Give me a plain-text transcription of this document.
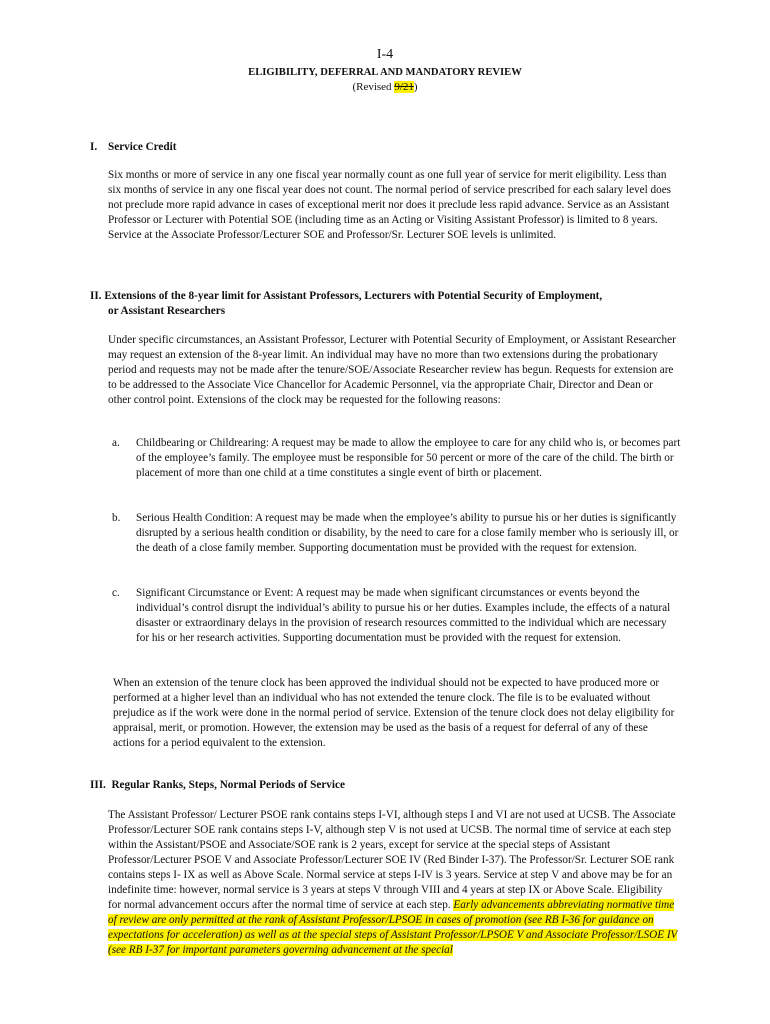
I-4

ELIGIBILITY, DEFERRAL AND MANDATORY REVIEW

(Revised 9/21)

I. Service Credit

Six months or more of service in any one fiscal year normally count as one full year of service for merit eligibility. Less than six months of service in any one fiscal year does not count. The normal period of service prescribed for each salary level does not preclude more rapid advance in cases of exceptional merit nor does it preclude less rapid advance. Service as an Assistant Professor or Lecturer with Potential SOE (including time as an Acting or Visiting Assistant Professor) is limited to 8 years. Service at the Associate Professor/Lecturer SOE and Professor/Sr. Lecturer SOE levels is unlimited.

II. Extensions of the 8-year limit for Assistant Professors, Lecturers with Potential Security of Employment,
or Assistant Researchers

Under specific circumstances, an Assistant Professor, Lecturer with Potential Security of Employment, or Assistant Researcher may request an extension of the 8-year limit. An individual may have no more than two extensions during the probationary period and requests may not be made after the tenure/SOE/Associate Researcher review has begun. Requests for extension are to be addressed to the Associate Vice Chancellor for Academic Personnel, via the appropriate Chair, Director and Dean or other control point. Extensions of the clock may be requested for the following reasons:

a.	Childbearing or Childrearing: A request may be made to allow the employee to care for any child who is, or becomes part of the employee’s family. The employee must be responsible for 50 percent or more of the care of the child. The birth or placement of more than one child at a time constitutes a single event of birth or placement.
b.	Serious Health Condition: A request may be made when the employee’s ability to pursue his or her duties is significantly disrupted by a serious health condition or disability, by the need to care for a close family member who is seriously ill, or the death of a close family member. Supporting documentation must be provided with the request for extension.
c.	Significant Circumstance or Event: A request may be made when significant circumstances or events beyond the individual’s control disrupt the individual’s ability to pursue his or her duties. Examples include, the effects of a natural disaster or extraordinary delays in the provision of research resources committed to the individual which are necessary for his or her research activities. Supporting documentation must be provided with the request for extension.

When an extension of the tenure clock has been approved the individual should not be expected to have produced more or performed at a higher level than an individual who has not extended the tenure clock. The file is to be evaluated without prejudice as if the work were done in the normal period of service. Extension of the tenure clock does not delay eligibility for appraisal, merit, or promotion. However, the extension may be used as the basis of a request for deferral of any of these actions for a period equivalent to the extension.

III. Regular Ranks, Steps, Normal Periods of Service

The Assistant Professor/ Lecturer PSOE rank contains steps I-VI, although steps I and VI are not used at UCSB. The Associate Professor/Lecturer SOE rank contains steps I-V, although step V is not used at UCSB. The normal time of service at each step within the Assistant/PSOE and Associate/SOE rank is 2 years, except for service at the special steps of Assistant Professor/Lecturer PSOE V and Associate Professor/Lecturer SOE IV (Red Binder I-37). The Professor/Sr. Lecturer SOE rank contains steps I- IX as well as Above Scale. Normal service at steps I-IV is 3 years. Service at step V and above may be for an indefinite time: however, normal service is 3 years at steps V through VIII and 4 years at step IX or Above Scale. Eligibility for normal advancement occurs after the normal time of service at each step. Early advancements abbreviating normative time of review are only permitted at the rank of Assistant Professor/LPSOE in cases of promotion (see RB I-36 for guidance on expectations for acceleration) as well as at the special steps of Assistant Professor/LPSOE V and Associate Professor/LSOE IV (see RB I-37 for important parameters governing advancement at the special
